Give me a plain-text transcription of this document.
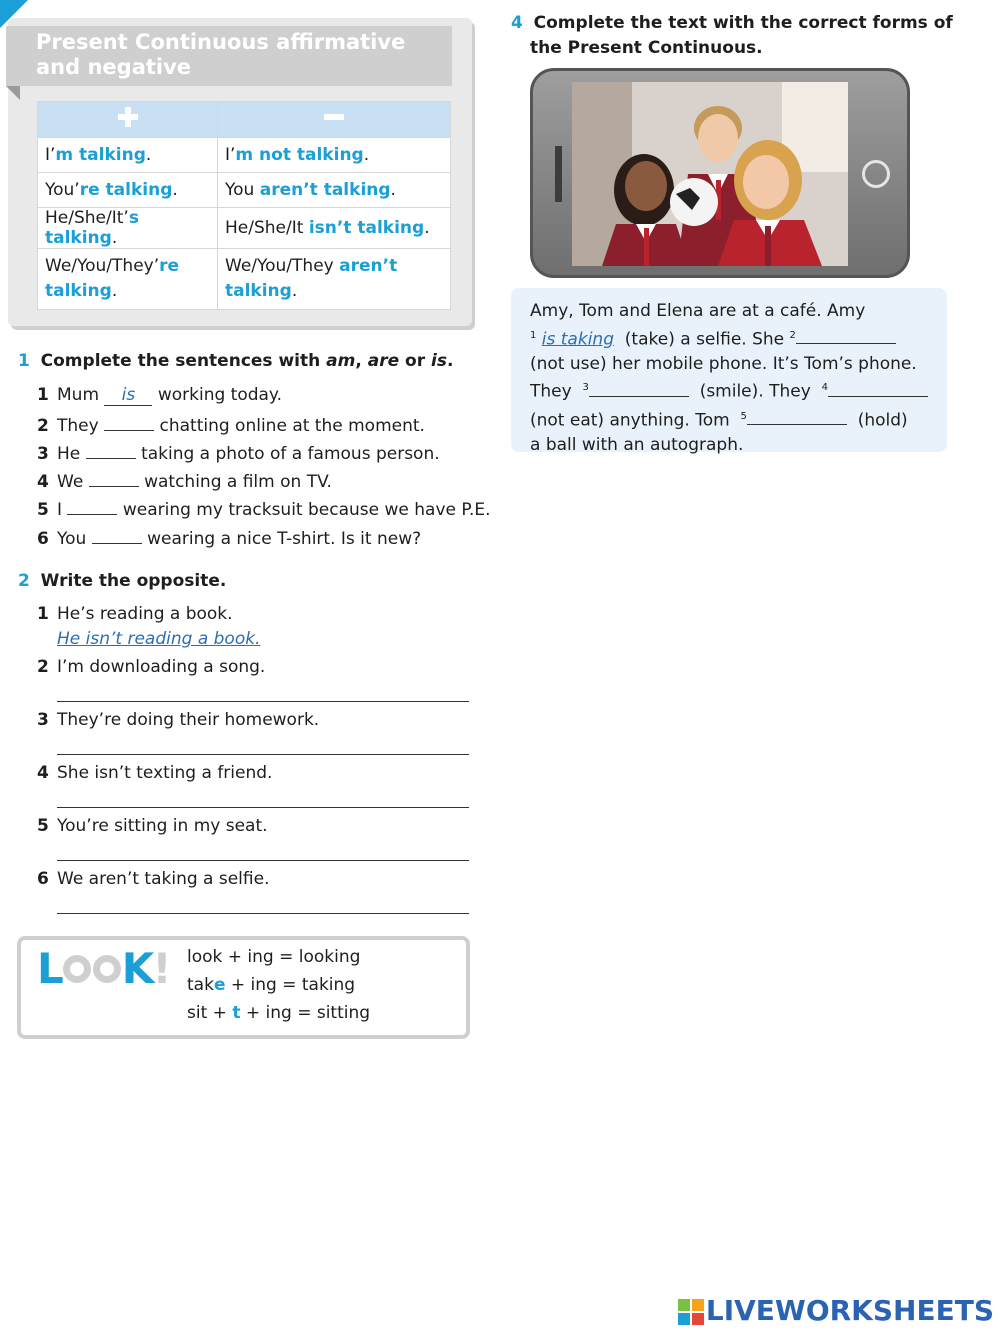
Present Continuous affirmative and negative

I’m talking.	I’m not talking.
You’re talking.	You aren’t talking.
He/She/It’s talking.	He/She/It isn’t talking.
We/You/They’re talking.	We/You/They aren’t talking.
1 Complete the sentences with am, are or is.
1 Mum is working today.
2 They	chatting online at the moment.
3 He	taking a photo of a famous person.
4 We	watching a film on TV.
5 I	wearing my tracksuit because we have P.E.
6 You	wearing a nice T-shirt. Is it new?
2 Write the opposite.
1 He’s reading a book.
He isn’t reading a book.
2 I’m downloading a song.
3 They’re doing their homework.
4 She isn’t texting a friend.
5 You’re sitting in my seat.
6 We aren’t taking a selfie.
L K! look + ing = looking
take + ing = taking
sit + t + ing = sitting
4 Complete the text with the correct forms of
the Present Continuous.
Amy, Tom and Elena are at a café. Amy
$^1$ is taking (take) a selfie. She $^2$
(not use) her mobile phone. It’s Tom’s phone.
They $^3$	(smile). They $^4$
(not eat) anything. Tom $^5$	(hold)
a ball with an autograph.
LIVEWORKSHEETS
